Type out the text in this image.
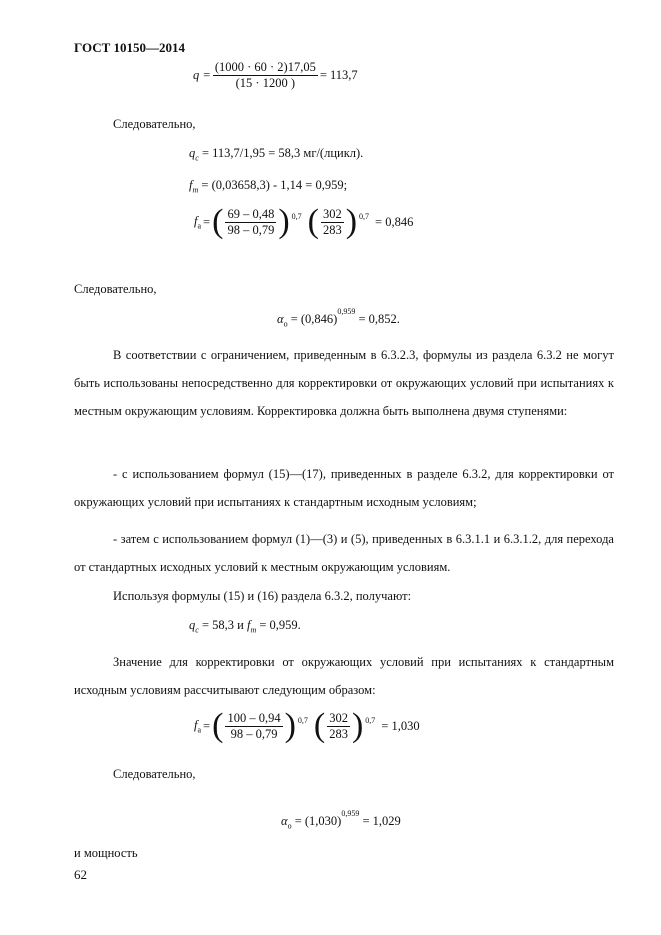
ГОСТ 10150—2014
$q = \frac{(1000 \cdot 60 \cdot 2)17,05}{(15 \cdot 1200 )} = 113,7$
Следовательно,
$q_c = 113,7/1,95 = 58,3$ мг/(лцикл).
$f_m = (0,03658,3) - 1,14 = 0,959$;
$f_a$ = ( $\frac{69 - 0,48}{98 - 0,79}$ ) 0,7 ( $\frac{302}{283}$ ) 0,7 = 0,846
Следовательно,
$\alpha_о = (0,846)^{0,959} = 0,852$.
В соответствии с ограничением, приведенным в 6.3.2.3, формулы из раздела 6.3.2 не могут быть использованы непосредственно для корректировки от окружающих условий при испытаниях к местным окружающим условиям. Корректировка должна быть выполнена двумя ступенями:
- с использованием формул (15)—(17), приведенных в разделе 6.3.2, для корректировки от окружающих условий при испытаниях к стандартным исходным условиям;
- затем с использованием формул (1)—(3) и (5), приведенных в 6.3.1.1 и 6.3.1.2, для перехода от стандартных исходных условий к местным окружающим условиям.
Используя формулы (15) и (16) раздела 6.3.2, получают:
$q_c = 58,3$ и $f_m = 0,959$.
Значение для корректировки от окружающих условий при испытаниях к стандартным исходным условиям рассчитывают следующим образом:
$f_a$ = ( $\frac{100 - 0,94}{98 - 0,79}$ ) 0,7 ( $\frac{302}{283}$ ) 0,7 = 1,030
Следовательно,
$\alpha_о = (1,030)^{0,959} = 1,029$
и мощность
62
